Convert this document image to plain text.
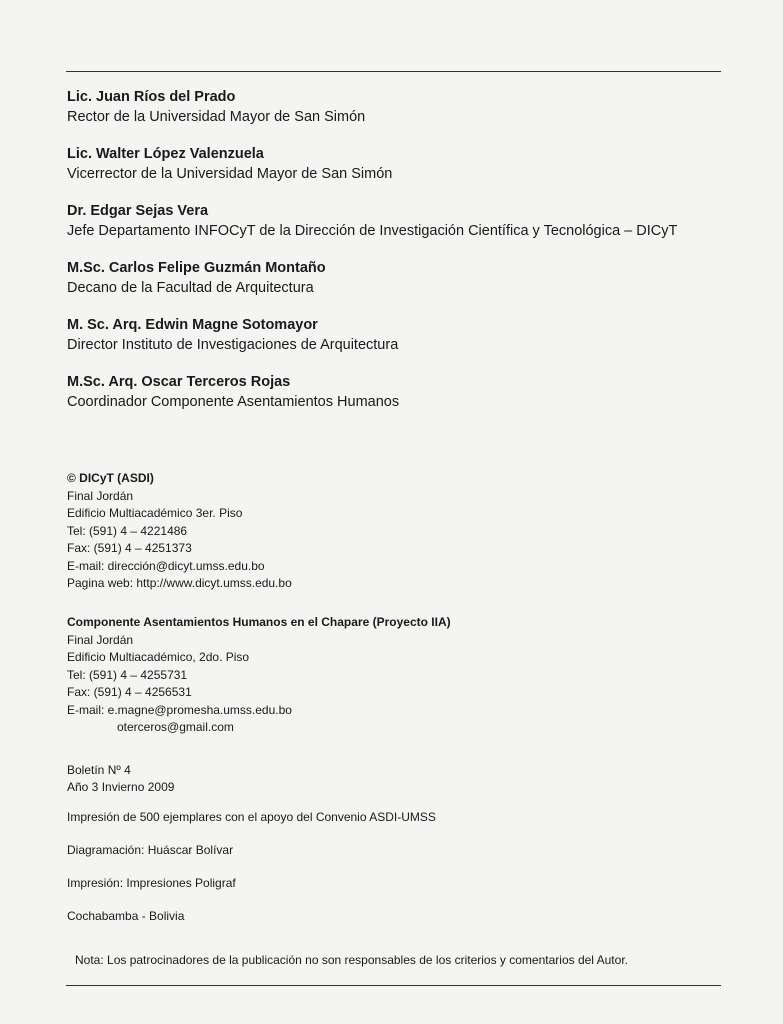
Lic. Juan Ríos del Prado
Rector de la Universidad Mayor de San Simón
Lic. Walter López Valenzuela
Vicerrector de la Universidad Mayor de San Simón
Dr. Edgar Sejas Vera
Jefe Departamento INFOCyT de la Dirección de Investigación Científica y Tecnológica – DICyT
M.Sc. Carlos Felipe Guzmán Montaño
Decano de la Facultad de Arquitectura
M. Sc. Arq. Edwin Magne Sotomayor
Director Instituto de Investigaciones de Arquitectura
M.Sc. Arq. Oscar Terceros Rojas
Coordinador Componente Asentamientos Humanos
© DICyT (ASDI)
Final Jordán
Edificio Multiacadémico 3er. Piso
Tel: (591) 4 – 4221486
Fax: (591) 4 – 4251373
E-mail: dirección@dicyt.umss.edu.bo
Pagina web: http://www.dicyt.umss.edu.bo
Componente Asentamientos Humanos en el Chapare (Proyecto IIA)
Final Jordán
Edificio Multiacadémico, 2do. Piso
Tel: (591) 4 – 4255731
Fax: (591) 4 – 4256531
E-mail: e.magne@promesha.umss.edu.bo
oterceros@gmail.com
Boletín Nº 4
Año 3 Invierno 2009
Impresión de 500 ejemplares con el apoyo del Convenio ASDI-UMSS
Diagramación: Huáscar Bolívar
Impresión: Impresiones Poligraf
Cochabamba - Bolivia
Nota: Los patrocinadores de la publicación no son responsables de los criterios y comentarios del Autor.
